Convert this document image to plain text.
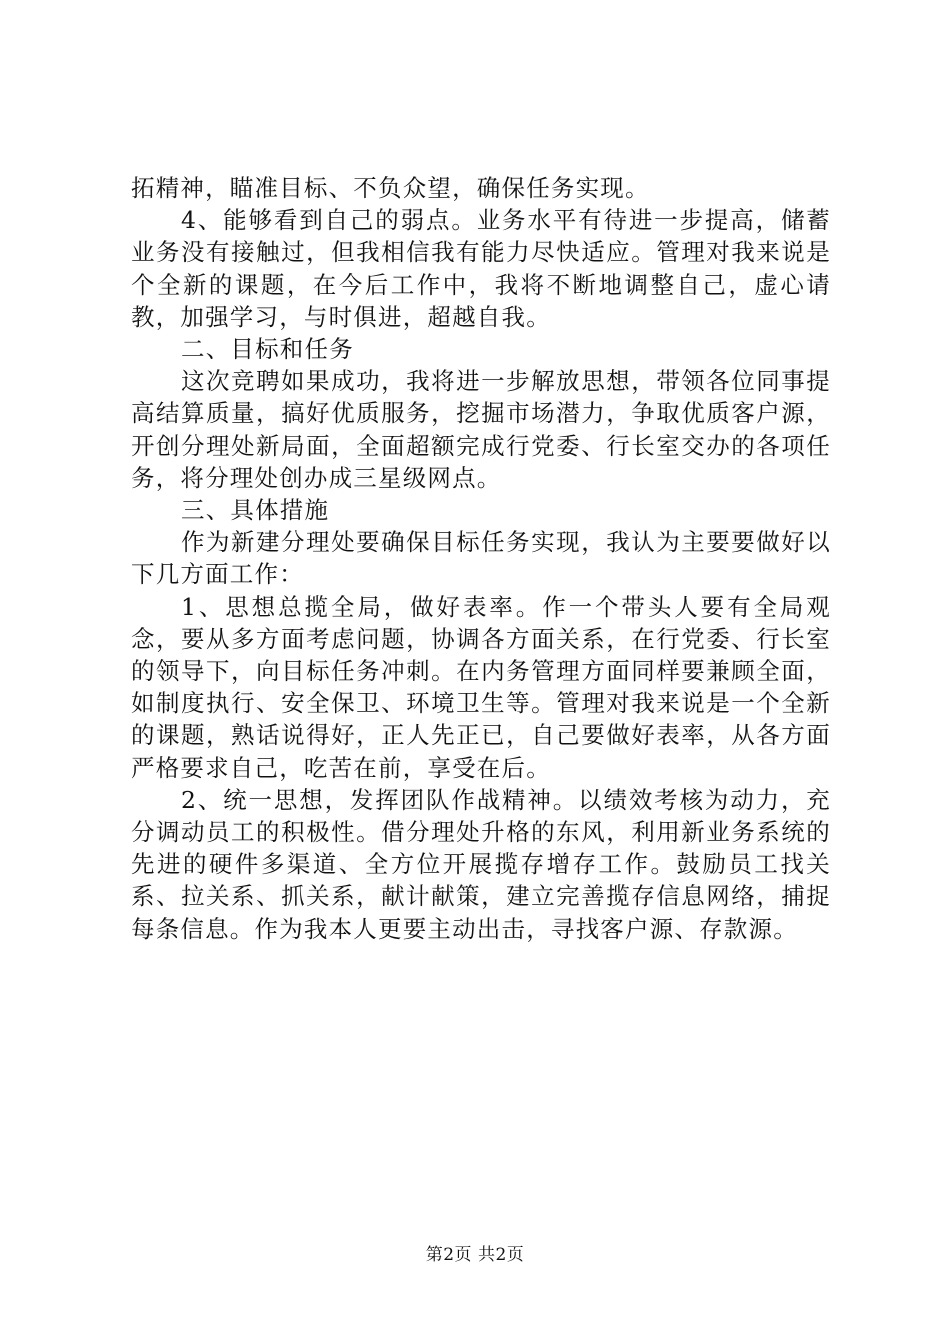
拓精神，瞄准目标、不负众望，确保任务实现。

4、能够看到自己的弱点。业务水平有待进一步提高，储蓄业务没有接触过，但我相信我有能力尽快适应。管理对我来说是个全新的课题，在今后工作中，我将不断地调整自己，虚心请教，加强学习，与时俱进，超越自我。

二、目标和任务

这次竞聘如果成功，我将进一步解放思想，带领各位同事提高结算质量，搞好优质服务，挖掘市场潜力，争取优质客户源，开创分理处新局面，全面超额完成行党委、行长室交办的各项任务，将分理处创办成三星级网点。

三、具体措施

作为新建分理处要确保目标任务实现，我认为主要要做好以下几方面工作：

1、思想总揽全局，做好表率。作一个带头人要有全局观念，要从多方面考虑问题，协调各方面关系，在行党委、行长室的领导下，向目标任务冲刺。在内务管理方面同样要兼顾全面，如制度执行、安全保卫、环境卫生等。管理对我来说是一个全新的课题，熟话说得好，正人先正已，自己要做好表率，从各方面严格要求自己，吃苦在前，享受在后。

2、统一思想，发挥团队作战精神。以绩效考核为动力，充分调动员工的积极性。借分理处升格的东风，利用新业务系统的先进的硬件多渠道、全方位开展揽存增存工作。鼓励员工找关系、拉关系、抓关系，献计献策，建立完善揽存信息网络，捕捉每条信息。作为我本人更要主动出击，寻找客户源、存款源。

第2页 共2页
